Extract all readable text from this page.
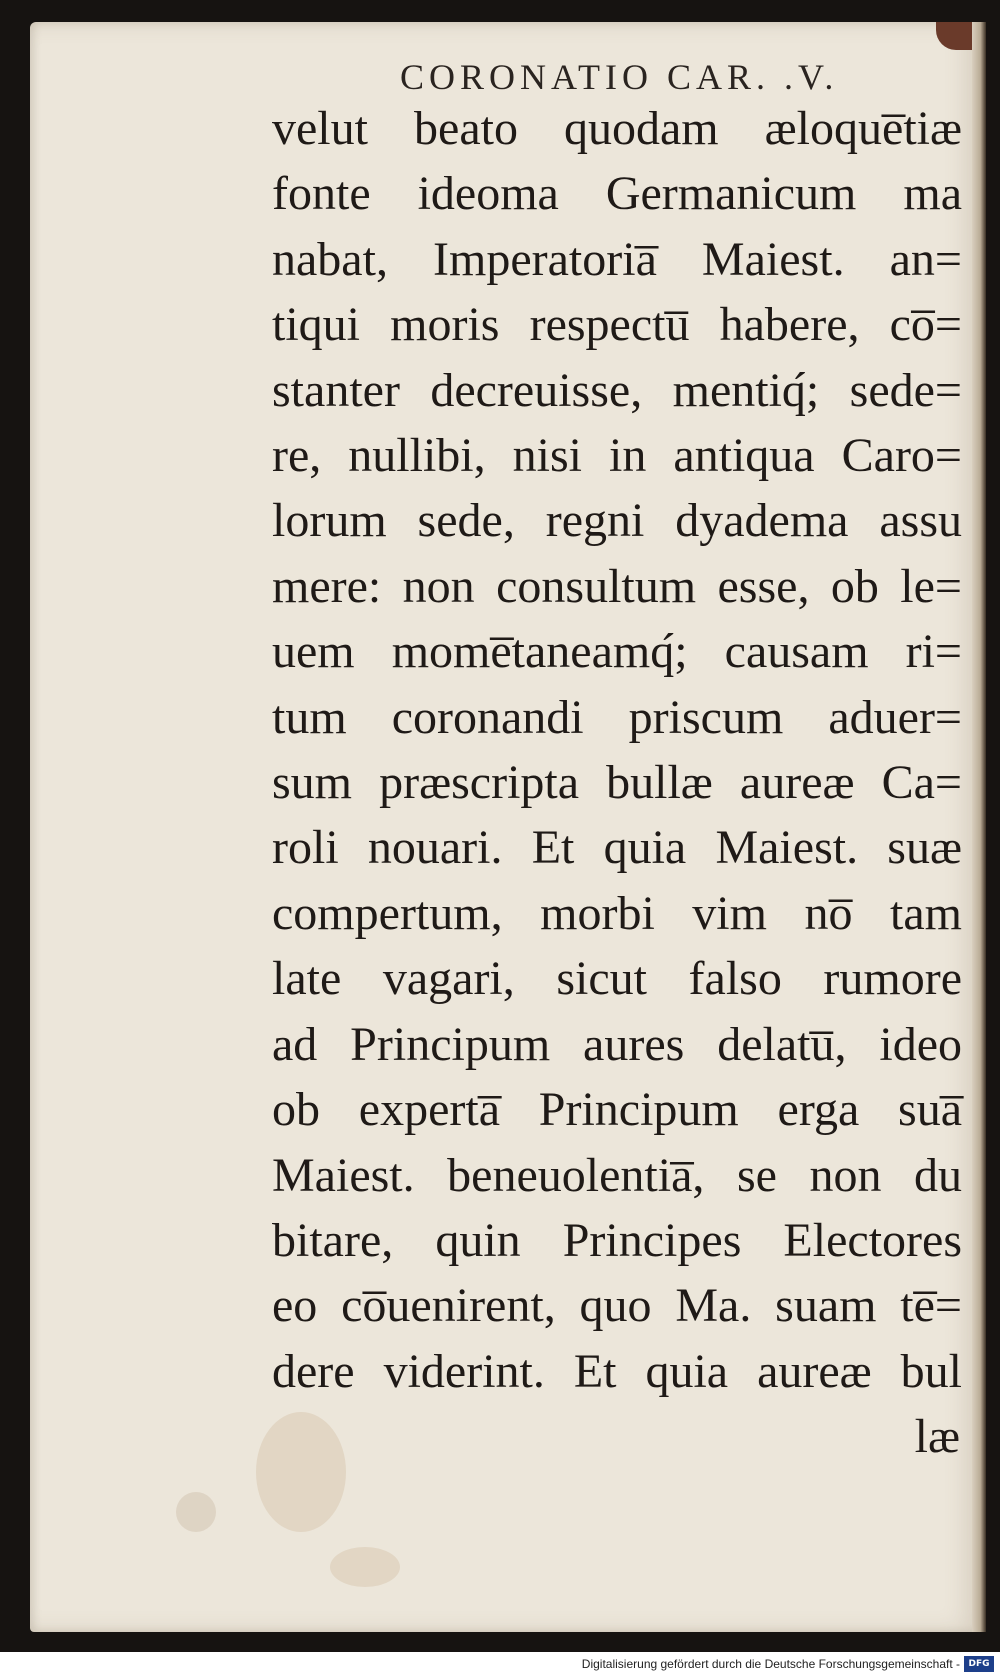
CORONATIO CAR. .V.
velut beato quodam æloque̅tiæ
fonte ideoma Germanicum ma
nabat, Imperatoria̅ Maiest. an=
tiqui moris respectu̅ habere, co̅=
stanter decreuisse, mentiq́; sede=
re, nullibi, nisi in antiqua Caro=
lorum sede, regni dyadema assu
mere: non consultum esse, ob le=
uem mome̅taneamq́; causam ri=
tum coronandi priscum aduer=
sum præscripta bullæ aureæ Ca=
roli nouari. Et quia Maiest. suæ
compertum, morbi vim no̅ tam
late vagari, sicut falso rumore
ad Principum aures delatu̅, ideo
ob experta̅ Principum erga sua̅
Maiest. beneuolentia̅, se non du
bitare, quin Principes Electores
eo co̅uenirent, quo Ma. suam te̅=
dere viderint. Et quia aureæ bul
læ
Digitalisierung gefördert durch die Deutsche Forschungsgemeinschaft - DFG
